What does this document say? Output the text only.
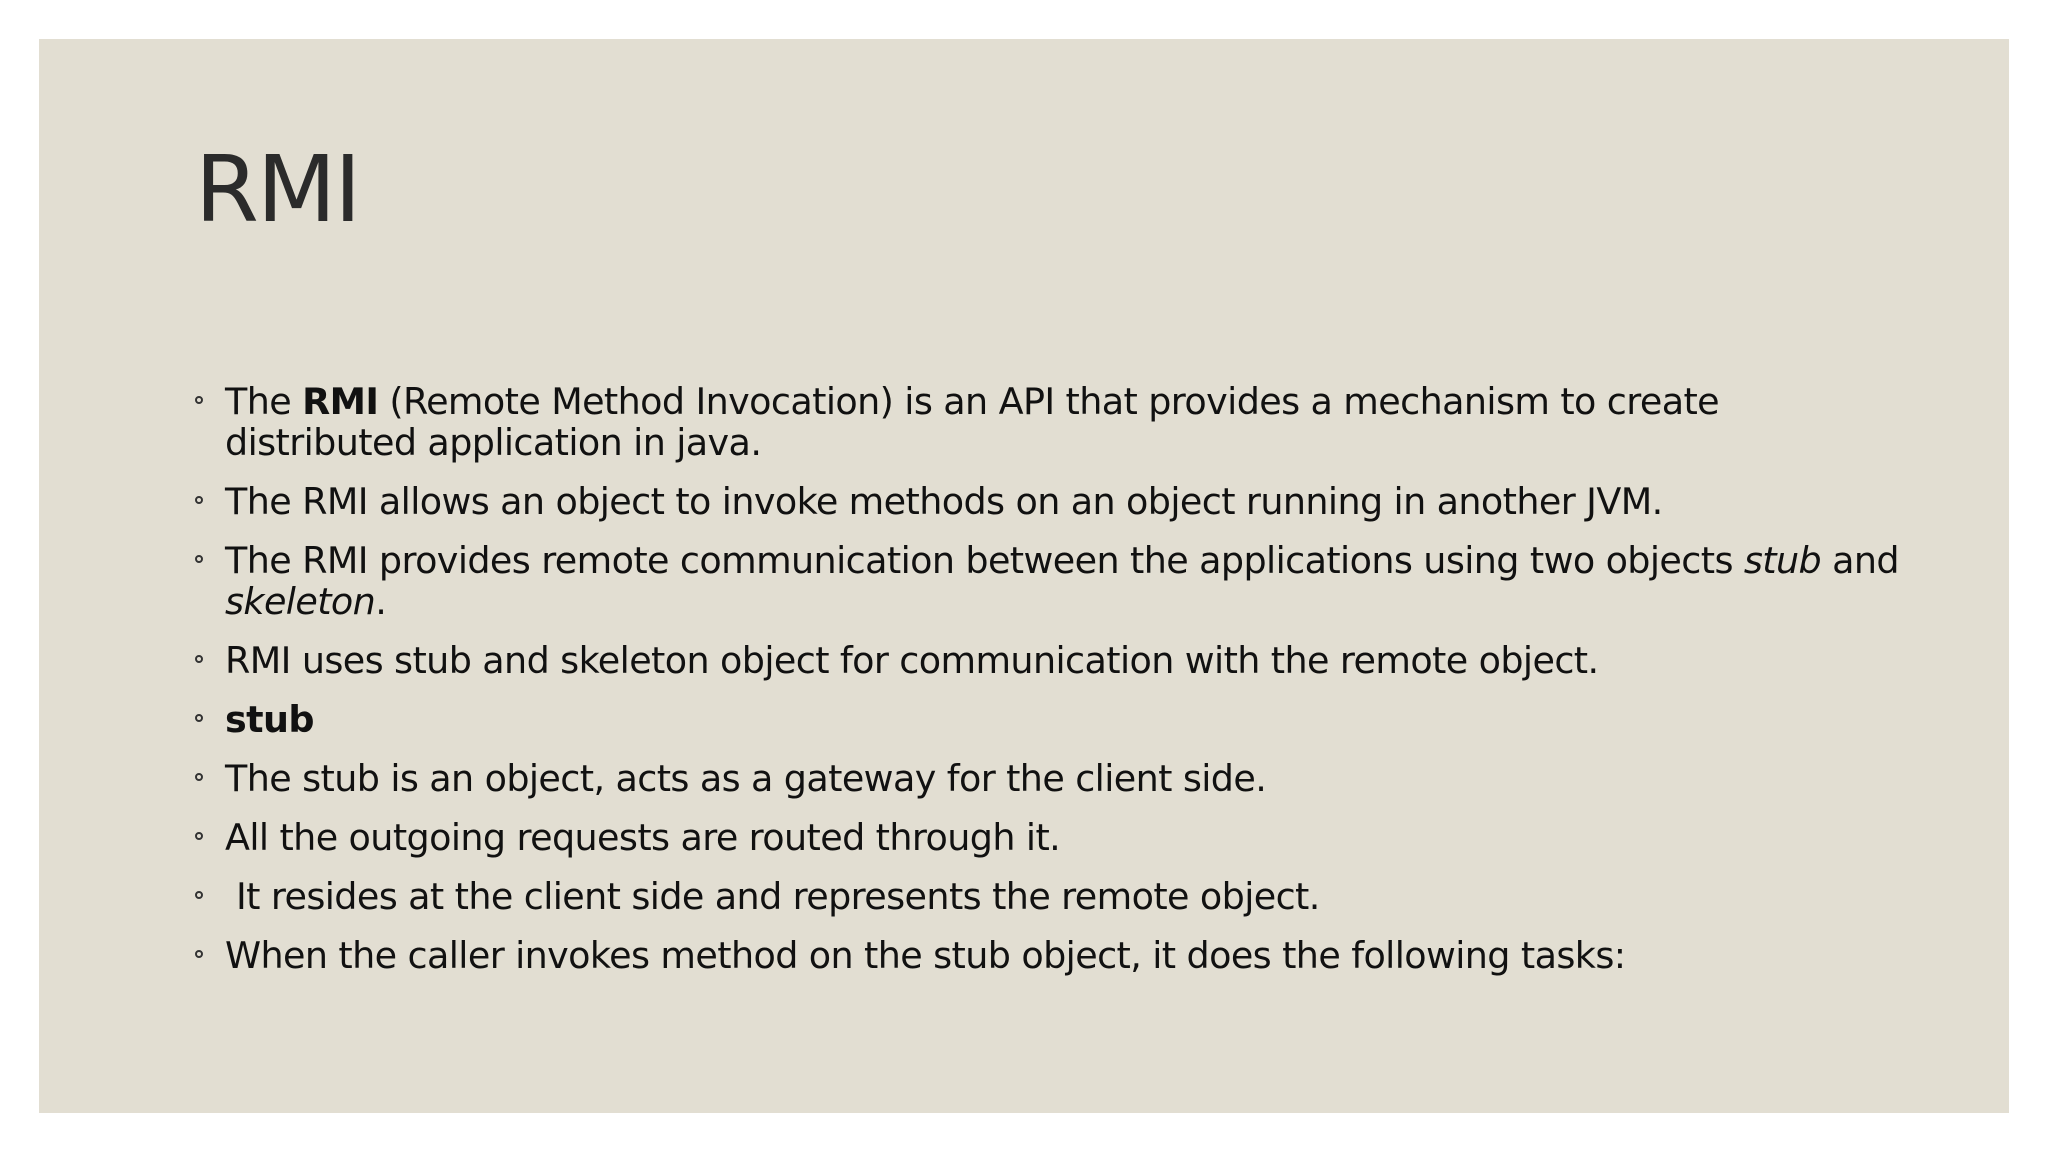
RMI
The RMI (Remote Method Invocation) is an API that provides a mechanism to create distributed application in java.
The RMI allows an object to invoke methods on an object running in another JVM.
The RMI provides remote communication between the applications using two objects stub and skeleton.
RMI uses stub and skeleton object for communication with the remote object.
stub
The stub is an object, acts as a gateway for the client side.
All the outgoing requests are routed through it.
It resides at the client side and represents the remote object.
When the caller invokes method on the stub object, it does the following tasks:
